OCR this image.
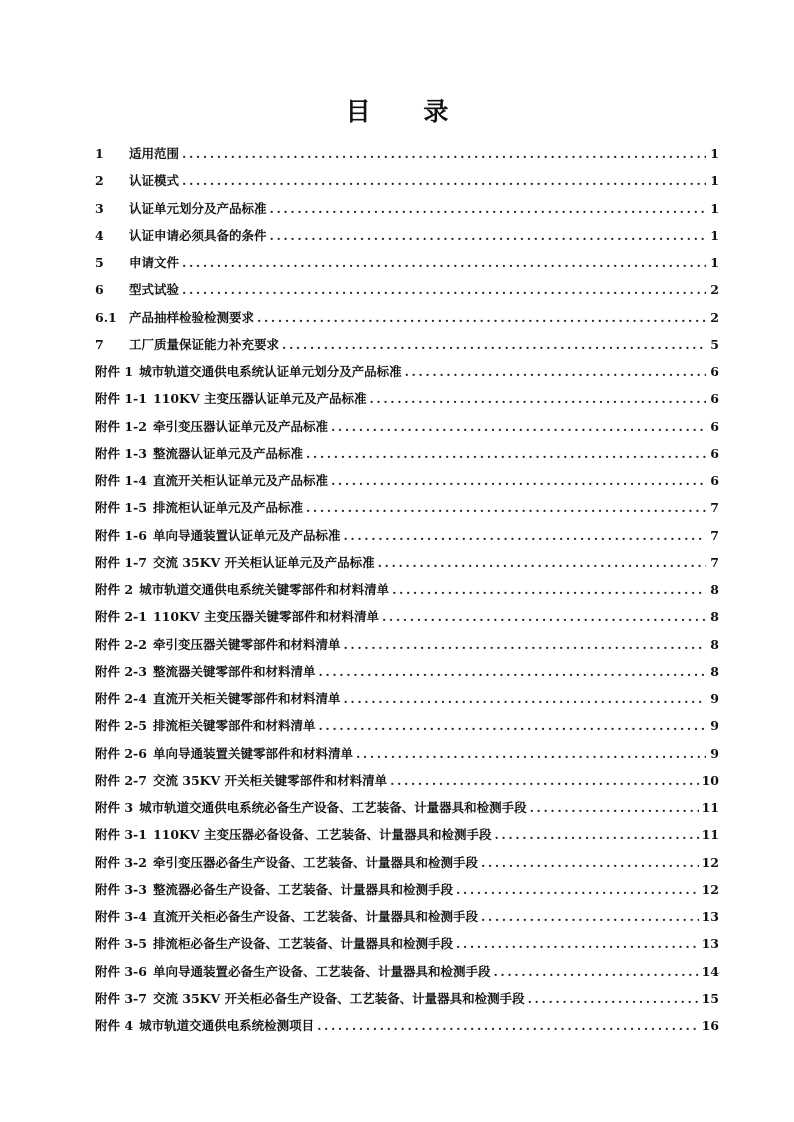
目 录
1	适用范围 .....	1
2	认证模式 .....	1
3	认证单元划分及产品标准 .....	1
4	认证申请必须具备的条件 .....	1
5	申请文件 .....	1
6	型式试验 .....	2
6.1 产品抽样检验检测要求 .....	2
7	工厂质量保证能力补充要求 .....	5
附件 1 城市轨道交通供电系统认证单元划分及产品标准 .....	6
附件 1-1 110KV 主变压器认证单元及产品标准 .....	6
附件 1-2 牵引变压器认证单元及产品标准 .....	6
附件 1-3 整流器认证单元及产品标准 .....	6
附件 1-4 直流开关柜认证单元及产品标准 .....	6
附件 1-5 排流柜认证单元及产品标准 .....	7
附件 1-6 单向导通装置认证单元及产品标准 .....	7
附件 1-7 交流 35KV 开关柜认证单元及产品标准 .....	7
附件 2 城市轨道交通供电系统关键零部件和材料清单 .....	8
附件 2-1 110KV 主变压器关键零部件和材料清单 .....	8
附件 2-2 牵引变压器关键零部件和材料清单 .....	8
附件 2-3 整流器关键零部件和材料清单 .....	8
附件 2-4 直流开关柜关键零部件和材料清单 .....	9
附件 2-5 排流柜关键零部件和材料清单 .....	9
附件 2-6 单向导通装置关键零部件和材料清单 .....	9
附件 2-7 交流 35KV 开关柜关键零部件和材料清单 .....	10
附件 3 城市轨道交通供电系统必备生产设备、工艺装备、计量器具和检测手段 .....	11
附件 3-1 110KV 主变压器必备设备、工艺装备、计量器具和检测手段 .....	11
附件 3-2 牵引变压器必备生产设备、工艺装备、计量器具和检测手段 .....	12
附件 3-3 整流器必备生产设备、工艺装备、计量器具和检测手段 .....	12
附件 3-4 直流开关柜必备生产设备、工艺装备、计量器具和检测手段 .....	13
附件 3-5 排流柜必备生产设备、工艺装备、计量器具和检测手段 .....	13
附件 3-6 单向导通装置必备生产设备、工艺装备、计量器具和检测手段 .....	14
附件 3-7 交流 35KV 开关柜必备生产设备、工艺装备、计量器具和检测手段 .....	15
附件 4 城市轨道交通供电系统检测项目 .....	16
